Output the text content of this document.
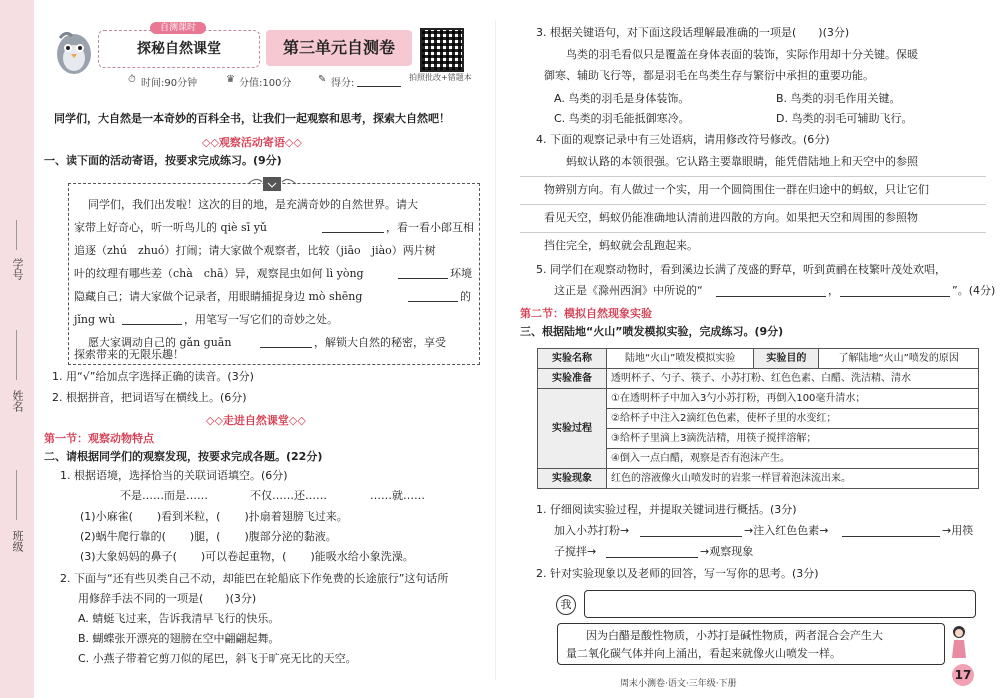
学号
姓名
班级
探秘自然课堂
自测课时
第三单元自测卷
拍照批改+错题本
⏱ 时间:90分钟	♛ 分值:100分	✎ 得分:
同学们，大自然是一本奇妙的百科全书，让我们一起观察和思考，探索大自然吧！
◇◇观察活动寄语◇◇
一、读下面的活动寄语，按要求完成练习。(9分)
同学们，我们出发啦！这次的目的地，是充满奇妙的自然世界。请大
家带上好奇心，听一听鸟儿的 qiè sī yǔ	，看一看小郎互相
追逐（zhú　zhuó）打闹；请大家做个观察者，比较（jiāo　jiào）两片树
叶的纹理有哪些差（chà　chā）异，观察昆虫如何 lì yòng	环境
隐藏自己；请大家做个记录者，用眼睛捕捉身边 mò shēng	的
jǐng wù	，用笔写一写它们的奇妙之处。
愿大家调动自己的 gǎn guān	，解锁大自然的秘密，享受
探索带来的无限乐趣！
1. 用“√”给加点字选择正确的读音。(3分)
2. 根据拼音，把词语写在横线上。(6分)
◇◇走进自然课堂◇◇
第一节：观察动物特点
二、请根据同学们的观察发现，按要求完成各题。(22分)
1. 根据语境，选择恰当的关联词语填空。(6分)
不是……而是……	不仅……还……	……就……
(1)小麻雀( )看到米粒，( )扑扇着翅膀飞过来。
(2)蜗牛爬行靠的( )腿，( )腹部分泌的黏液。
(3)大象妈妈的鼻子( )可以卷起重物，( )能吸水给小象洗澡。
2. 下面与“还有些贝类自己不动，却能巴在轮船底下作免费的长途旅行”这句话所
用修辞手法不同的一项是(　　)(3分)
A. 蜻蜓飞过来，告诉我清早飞行的快乐。
B. 蝴蝶张开漂亮的翅膀在空中翩翩起舞。
C. 小燕子带着它剪刀似的尾巴，斜飞于旷亮无比的天空。
3. 根据关键语句，对下面这段话理解最准确的一项是(　　)(3分)
鸟类的羽毛看似只是覆盖在身体表面的装饰，实际作用却十分关键。保暖
御寒、辅助飞行等，都是羽毛在鸟类生存与繁衍中承担的重要功能。
A. 鸟类的羽毛是身体装饰。	B. 鸟类的羽毛作用关键。
C. 鸟类的羽毛能抵御寒冷。	D. 鸟类的羽毛可辅助飞行。
4. 下面的观察记录中有三处语病，请用修改符号修改。(6分)
蚂蚁认路的本领很强。它认路主要靠眼睛，能凭借陆地上和天空中的参照
物辨别方向。有人做过一个实，用一个圆筒围住一群在归途中的蚂蚁，只让它们
看见天空，蚂蚁仍能准确地认清前进四散的方向。如果把天空和周围的参照物
挡住完全，蚂蚁就会乱跑起来。
5. 同学们在观察动物时，看到溪边长满了茂盛的野草，听到黄鹂在枝繁叶茂处欢唱，
这正是《滁州西涧》中所说的“	，	”。(4分)
第二节：模拟自然现象实验
三、根据陆地“火山”喷发模拟实验，完成练习。(9分)
实验名称	陆地“火山”喷发模拟实验	实验目的	了解陆地“火山”喷发的原因
实验准备	透明杯子、勺子、筷子、小苏打粉、红色色素、白醋、洗洁精、清水		
实验过程	①在透明杯子中加入3勺小苏打粉，再倒入100毫升清水；
②给杯子中注入2滴红色色素，使杯子里的水变红；
③给杯子里滴上3滴洗洁精，用筷子搅拌溶解；
④倒入一点白醋，观察是否有泡沫产生。		

实验现象	红色的溶液像火山喷发时的岩浆一样冒着泡沫流出来。		
1. 仔细阅读实验过程，并提取关键词进行概括。(3分)
加入小苏打粉→	→注入红色色素→	→用筷
子搅拌→	→观察现象
2. 针对实验现象以及老师的回答，写一写你的思考。(3分)
我
因为白醋是酸性物质，小苏打是碱性物质，两者混合会产生大
量二氧化碳气体并向上涌出，看起来就像火山喷发一样。
周末小测卷·语文·三年级·下册
17
